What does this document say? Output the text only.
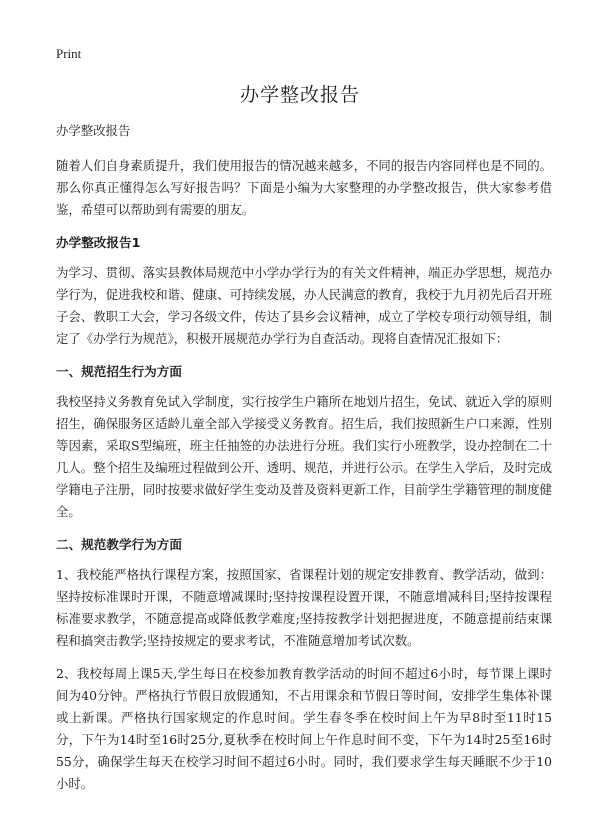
Print
办学整改报告

办学整改报告

随着人们自身素质提升，我们使用报告的情况越来越多，不同的报告内容同样也是不同的。那么你真正懂得怎么写好报告吗？下面是小编为大家整理的办学整改报告，供大家参考借鉴，希望可以帮助到有需要的朋友。

办学整改报告1

为学习、贯彻、落实县教体局规范中小学办学行为的有关文件精神，端正办学思想，规范办学行为，促进我校和谐、健康、可持续发展，办人民满意的教育，我校于九月初先后召开班子会、教职工大会，学习各级文件，传达了县乡会议精神，成立了学校专项行动领导组，制定了《办学行为规范》，积极开展规范办学行为自查活动。现将自查情况汇报如下：

一、规范招生行为方面

我校坚持义务教育免试入学制度，实行按学生户籍所在地划片招生，免试、就近入学的原则招生，确保服务区适龄儿童全部入学接受义务教育。招生后，我们按照新生户口来源，性别等因素，采取S型编班，班主任抽签的办法进行分班。我们实行小班教学，设办控制在二十几人。整个招生及编班过程做到公开、透明、规范，并进行公示。在学生入学后，及时完成学籍电子注册，同时按要求做好学生变动及普及资料更新工作，目前学生学籍管理的制度健全。

二、规范教学行为方面

1、我校能严格执行课程方案，按照国家、省课程计划的规定安排教育、教学活动，做到：坚持按标准课时开课，不随意增减课时;坚持按课程设置开课，不随意增减科目;坚持按课程标准要求教学，不随意提高或降低教学难度;坚持按教学计划把握进度，不随意提前结束课程和搞突击教学;坚持按规定的要求考试，不准随意增加考试次数。

2、我校每周上课5天,学生每日在校参加教育教学活动的时间不超过6小时，每节课上课时间为40分钟。严格执行节假日放假通知，不占用课余和节假日等时间，安排学生集体补课或上新课。严格执行国家规定的作息时间。学生春冬季在校时间上午为早8时至11时15分，下午为14时至16时25分,夏秋季在校时间上午作息时间不变，下午为14时25至16时55分，确保学生每天在校学习时间不超过6小时。同时，我们要求学生每天睡眠不少于10小时。
